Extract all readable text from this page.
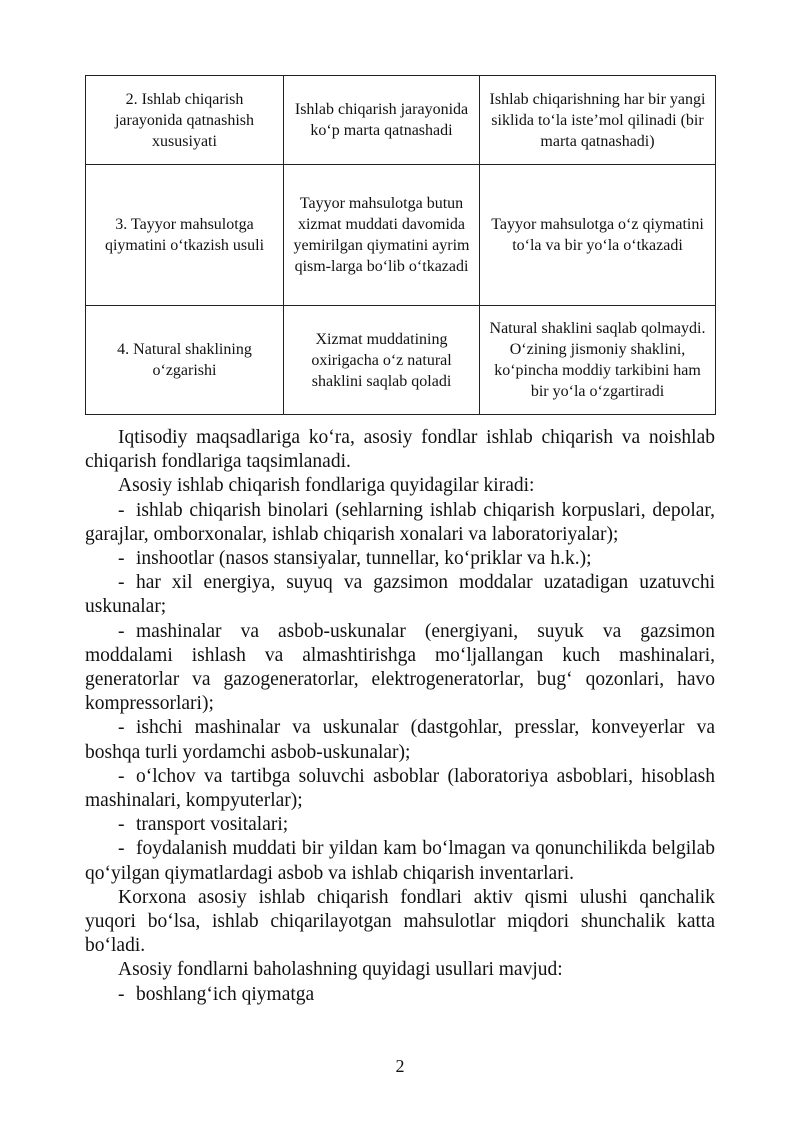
2. Ishlab chiqarish jarayonida qatnashish xususiyati	Ishlab chiqarish jarayonida koʻp marta qatnashadi	Ishlab chiqarishning har bir yangi siklida toʻla isteʼmol qilinadi (bir marta qatnashadi)
3. Tayyor mahsulotga qiymatini oʻtkazish usuli	Tayyor mahsulotga butun xizmat muddati davomida yemirilgan qiymatini ayrim qism-larga boʻlib oʻtkazadi	Tayyor mahsulotga oʻz qiymatini toʻla va bir yoʻla oʻtkazadi
4. Natural shaklining oʻzgarishi	Xizmat muddatining oxirigacha oʻz natural shaklini saqlab qoladi	Natural shaklini saqlab qolmaydi. Oʻzining jismoniy shaklini, koʻpincha moddiy tarkibini ham bir yoʻla oʻzgartiradi

Iqtisodiy maqsadlariga koʻra, asosiy fondlar ishlab chiqarish va noishlab chiqarish fondlariga taqsimlanadi.

Asosiy ishlab chiqarish fondlariga quyidagilar kiradi:

- ishlab chiqarish binolari (sehlarning ishlab chiqarish korpuslari, depolar, garajlar, omborxonalar, ishlab chiqarish xonalari va laboratoriyalar);

- inshootlar (nasos stansiyalar, tunnellar, koʻpriklar va h.k.);

- har xil energiya, suyuq va gazsimon moddalar uzatadigan uzatuvchi uskunalar;

- mashinalar va asbob-uskunalar (energiyani, suyuk va gazsimon moddalami ishlash va almashtirishga moʻljallangan kuch mashinalari, generatorlar va gazogeneratorlar, elektrogeneratorlar, bugʻ qozonlari, havo kompressorlari);

- ishchi mashinalar va uskunalar (dastgohlar, presslar, konveyerlar va boshqa turli yordamchi asbob-uskunalar);

- oʻlchov va tartibga soluvchi asboblar (laboratoriya asboblari, hisoblash mashinalari, kompyuterlar);

- transport vositalari;

- foydalanish muddati bir yildan kam boʻlmagan va qonunchilikda belgilab qoʻyilgan qiymatlardagi asbob va ishlab chiqarish inventarlari.

Korxona asosiy ishlab chiqarish fondlari aktiv qismi ulushi qanchalik yuqori boʻlsa, ishlab chiqarilayotgan mahsulotlar miqdori shunchalik katta boʻladi.

Asosiy fondlarni baholashning quyidagi usullari mavjud:

- boshlangʻich qiymatga

2
